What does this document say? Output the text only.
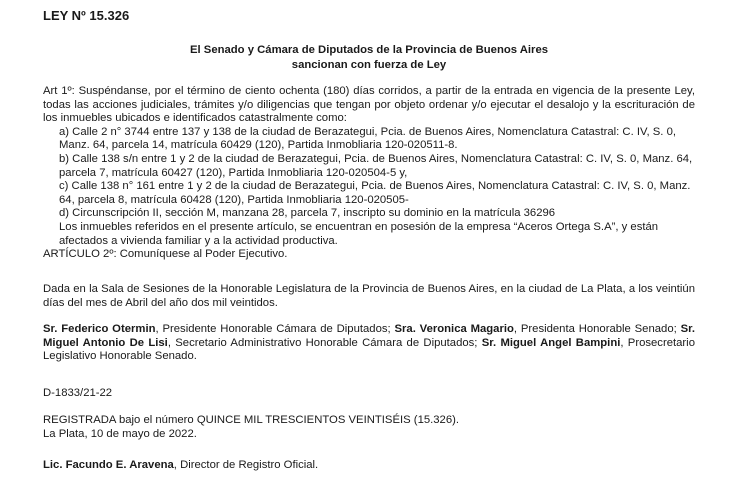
LEY Nº 15.326
El Senado y Cámara de Diputados de la Provincia de Buenos Aires
sancionan con fuerza de Ley

Art 1º: Suspéndanse, por el término de ciento ochenta (180) días corridos, a partir de la entrada en vigencia de la presente Ley, todas las acciones judiciales, trámites y/o diligencias que tengan por objeto ordenar y/o ejecutar el desalojo y la escrituración de los inmuebles ubicados e identificados catastralmente como:

a) Calle 2 n° 3744 entre 137 y 138 de la ciudad de Berazategui, Pcia. de Buenos Aires, Nomenclatura Catastral: C. IV, S. 0, Manz. 64, parcela 14, matrícula 60429 (120), Partida Inmobliaria 120-020511-8.

b) Calle 138 s/n entre 1 y 2 de la ciudad de Berazategui, Pcia. de Buenos Aires, Nomenclatura Catastral: C. IV, S. 0, Manz. 64, parcela 7, matrícula 60427 (120), Partida Inmobliaria 120-020504-5 y,

c) Calle 138 n° 161 entre 1 y 2 de la ciudad de Berazategui, Pcia. de Buenos Aires, Nomenclatura Catastral: C. IV, S. 0, Manz. 64, parcela 8, matrícula 60428 (120), Partida Inmobliaria 120-020505-

d) Circunscripción II, sección M, manzana 28, parcela 7, inscripto su dominio en la matrícula 36296

Los inmuebles referidos en el presente artículo, se encuentran en posesión de la empresa “Aceros Ortega S.A”, y están afectados a vivienda familiar y a la actividad productiva.

ARTÍCULO 2º: Comuníquese al Poder Ejecutivo.

Dada en la Sala de Sesiones de la Honorable Legislatura de la Provincia de Buenos Aires, en la ciudad de La Plata, a los veintiún días del mes de Abril del año dos mil veintidos.

Sr. Federico Otermin, Presidente Honorable Cámara de Diputados; Sra. Veronica Magario, Presidenta Honorable Senado; Sr. Miguel Antonio De Lisi, Secretario Administrativo Honorable Cámara de Diputados; Sr. Miguel Angel Bampini, Prosecretario Legislativo Honorable Senado.

D-1833/21-22

REGISTRADA bajo el número QUINCE MIL TRESCIENTOS VEINTISÉIS (15.326).

La Plata, 10 de mayo de 2022.

Lic. Facundo E. Aravena, Director de Registro Oficial.
